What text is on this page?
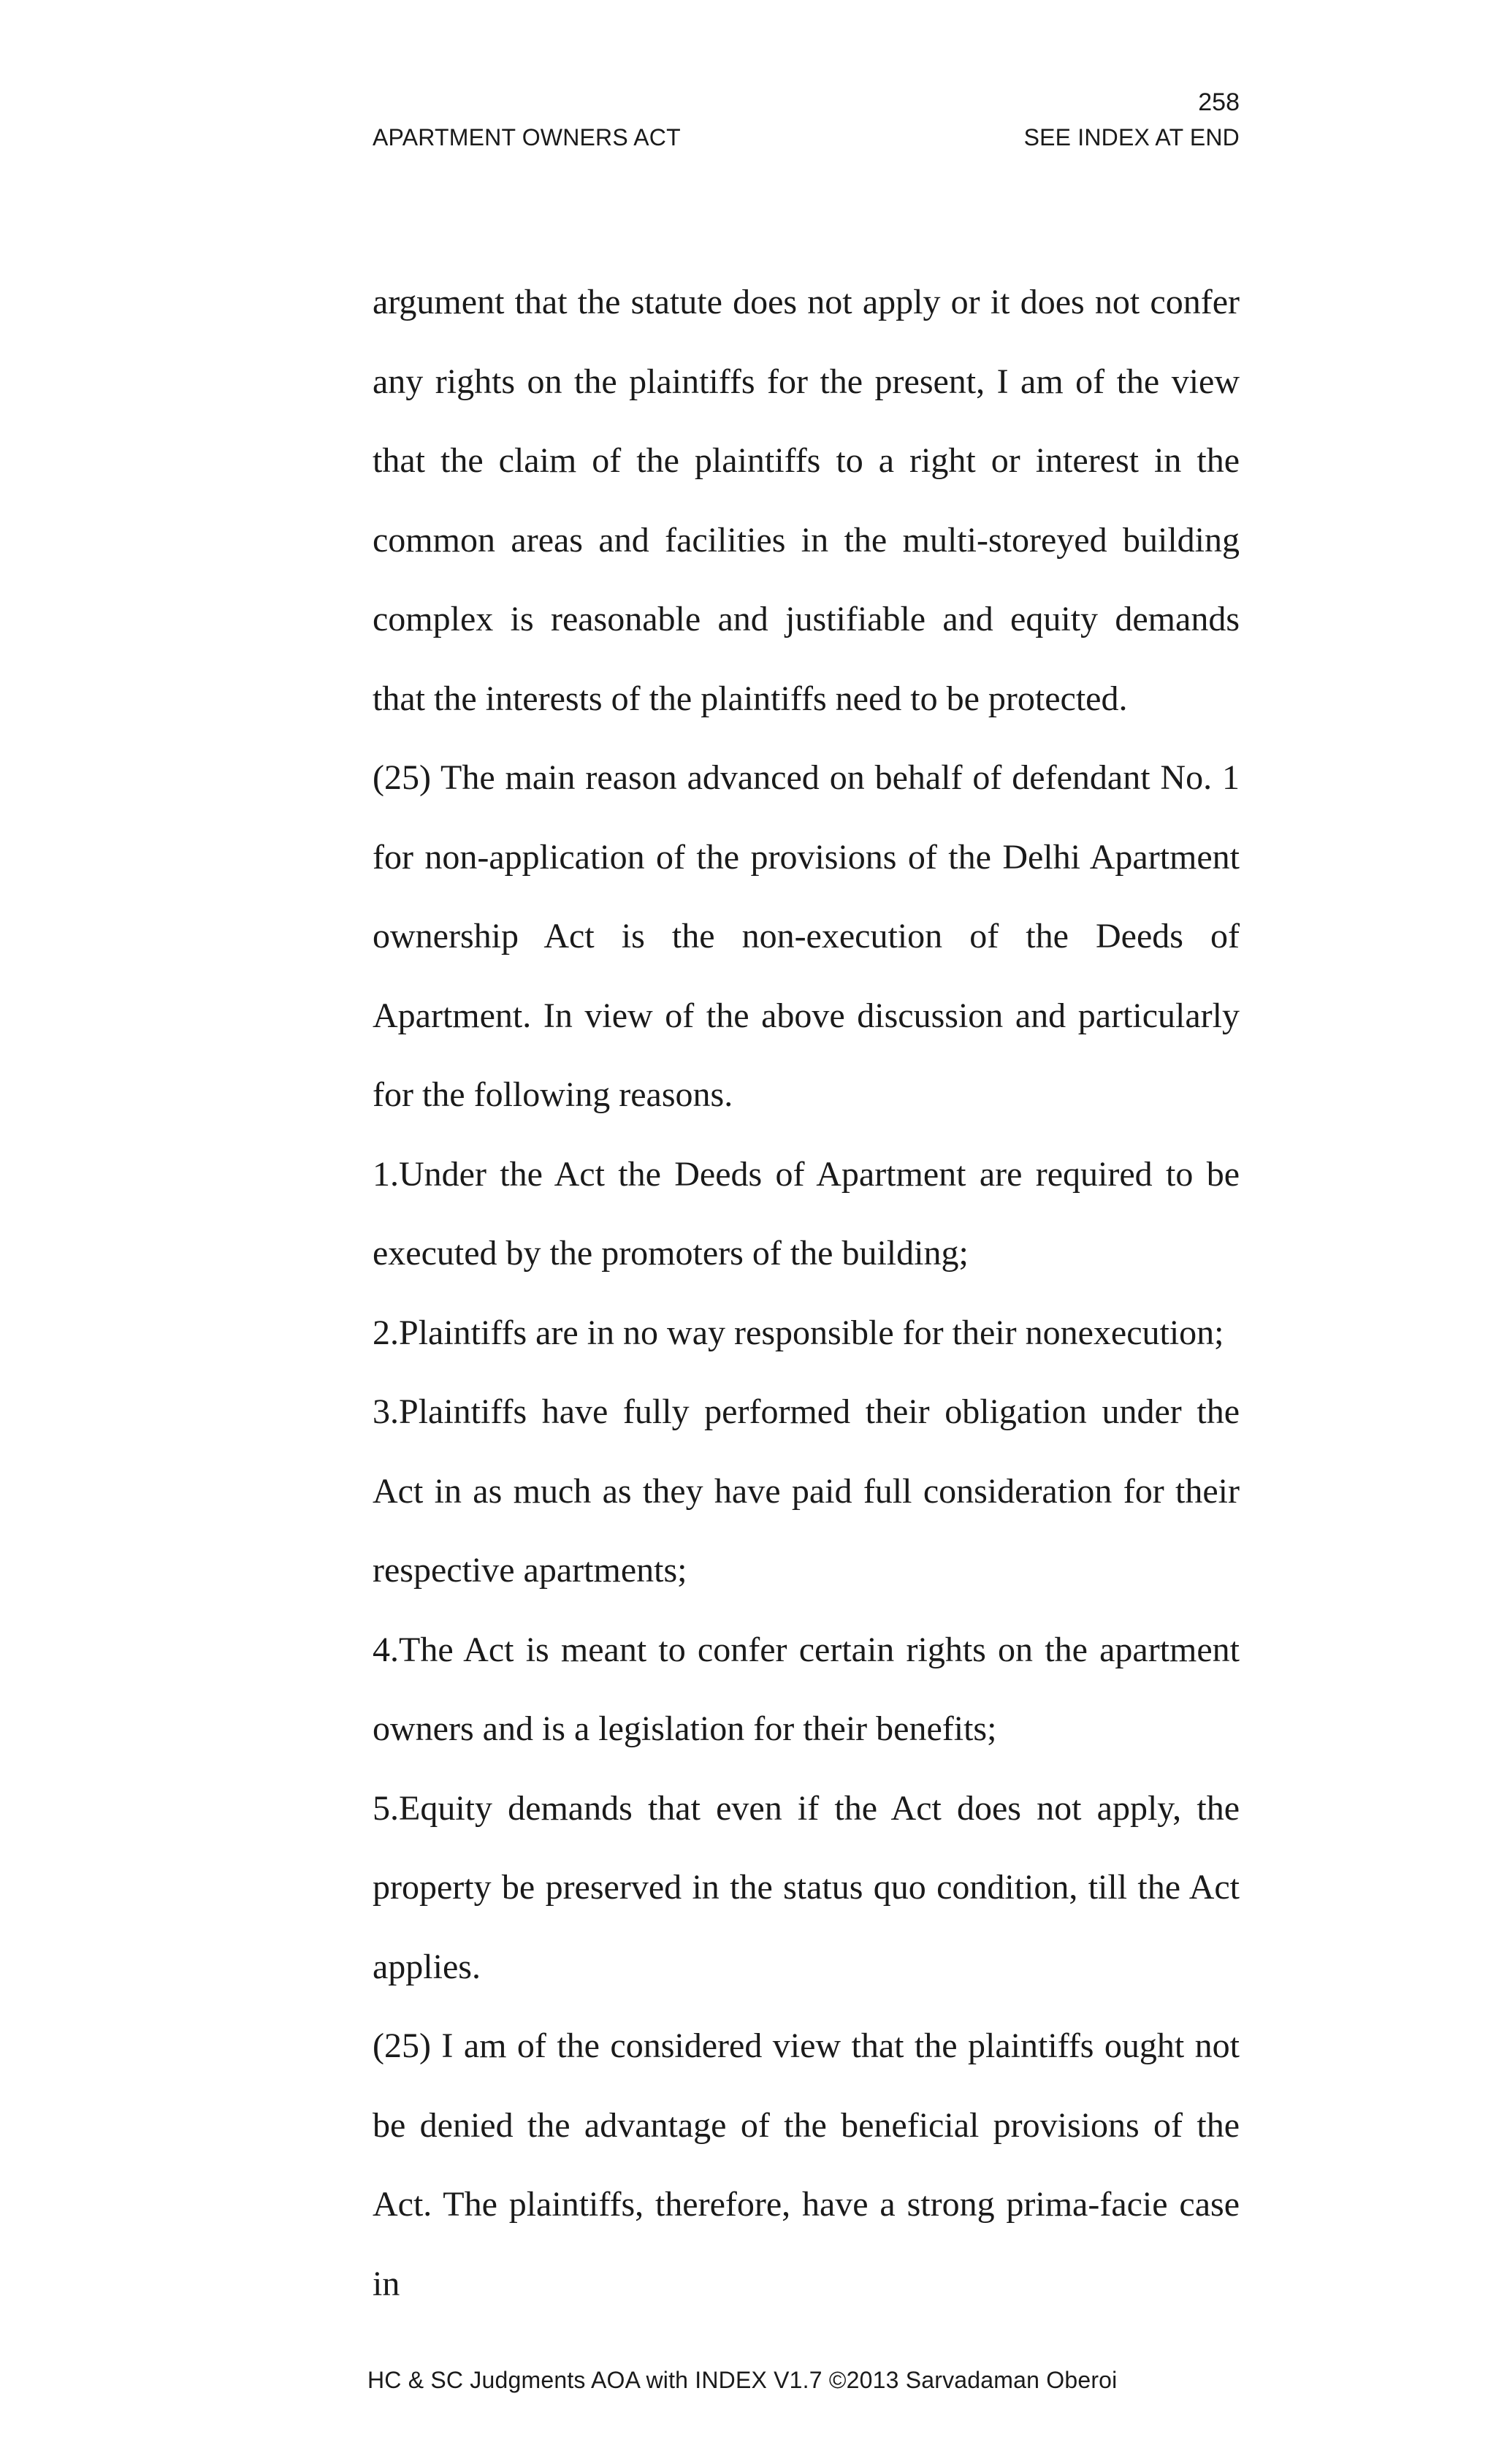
258
APARTMENT OWNERS ACT	SEE INDEX AT END

argument that the statute does not apply or it does not confer any rights on the plaintiffs for the present, I am of the view that the claim of the plaintiffs to a right or interest in the common areas and facilities in the multi-storeyed building complex is reasonable and justifiable and equity demands that the interests of the plaintiffs need to be protected.

(25) The main reason advanced on behalf of defendant No. 1 for non-application of the provisions of the Delhi Apartment ownership Act is the non-execution of the Deeds of Apartment. In view of the above discussion and particularly for the following reasons.

1.Under the Act the Deeds of Apartment are required to be executed by the promoters of the building;

2.Plaintiffs are in no way responsible for their nonexecution;

3.Plaintiffs have fully performed their obligation under the Act in as much as they have paid full consideration for their respective apartments;

4.The Act is meant to confer certain rights on the apartment owners and is a legislation for their benefits;

5.Equity demands that even if the Act does not apply, the property be preserved in the status quo condition, till the Act applies.

(25) I am of the considered view that the plaintiffs ought not be denied the advantage of the beneficial provisions of the Act. The plaintiffs, therefore, have a strong prima-facie case in

HC & SC Judgments AOA with INDEX V1.7 ©2013 Sarvadaman Oberoi
